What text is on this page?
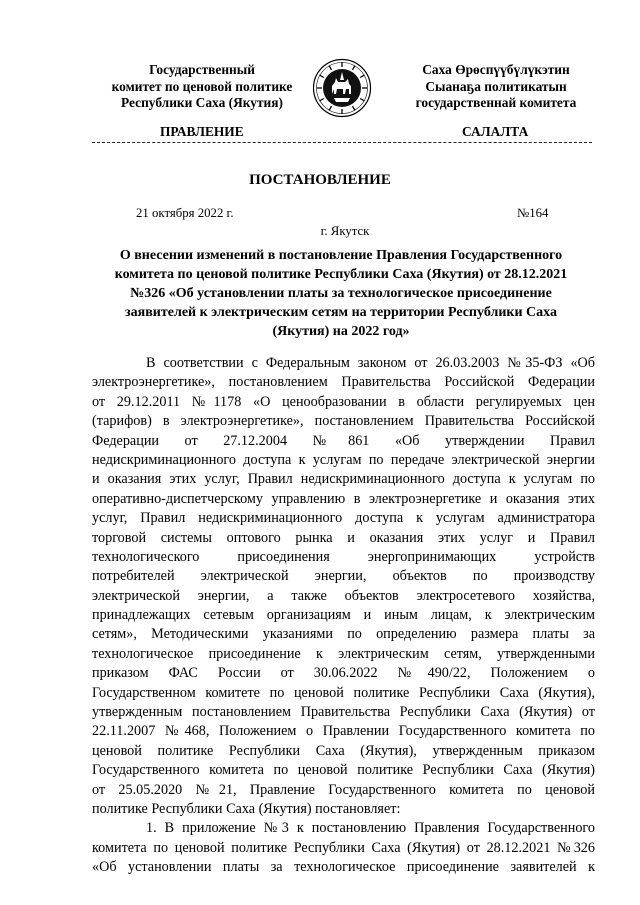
Государственный
комитет по ценовой политике
Республики Саха (Якутия)
Саха Өрөспүүбүлүкэтин
Сыанаҕа политикатын
государственнай комитета
ПРАВЛЕНИЕ	САЛАЛТА
ПОСТАНОВЛЕНИЕ
21 октября 2022 г.	№164
г. Якутск
О внесении изменений в постановление Правления Государственного
комитета по ценовой политике Республики Саха (Якутия) от 28.12.2021
№326 «Об установлении платы за технологическое присоединение
заявителей к электрическим сетям на территории Республики Саха
(Якутия) на 2022 год»
В соответствии с Федеральным законом от 26.03.2003 №35-ФЗ «Об
электроэнергетике», постановлением Правительства Российской Федерации
от 29.12.2011 №1178 «О ценообразовании в области регулируемых цен
(тарифов) в электроэнергетике», постановлением Правительства Российской
Федерации от 27.12.2004 №861 «Об утверждении Правил
недискриминационного доступа к услугам по передаче электрической энергии
и оказания этих услуг, Правил недискриминационного доступа к услугам по
оперативно-диспетчерскому управлению в электроэнергетике и оказания этих
услуг, Правил недискриминационного доступа к услугам администратора
торговой системы оптового рынка и оказания этих услуг и Правил
технологического присоединения энергопринимающих устройств
потребителей электрической энергии, объектов по производству
электрической энергии, а также объектов электросетевого хозяйства,
принадлежащих сетевым организациям и иным лицам, к электрическим
сетям», Методическими указаниями по определению размера платы за
технологическое присоединение к электрическим сетям, утвержденными
приказом ФАС России от 30.06.2022 №490/22, Положением о
Государственном комитете по ценовой политике Республики Саха (Якутия),
утвержденным постановлением Правительства Республики Саха (Якутия) от
22.11.2007 №468, Положением о Правлении Государственного комитета по
ценовой политике Республики Саха (Якутия), утвержденным приказом
Государственного комитета по ценовой политике Республики Саха (Якутия)
от 25.05.2020 №21, Правление Государственного комитета по ценовой
политике Республики Саха (Якутия) постановляет:
1. В приложение №3 к постановлению Правления Государственного
комитета по ценовой политике Республики Саха (Якутия) от 28.12.2021 №326
«Об установлении платы за технологическое присоединение заявителей к
